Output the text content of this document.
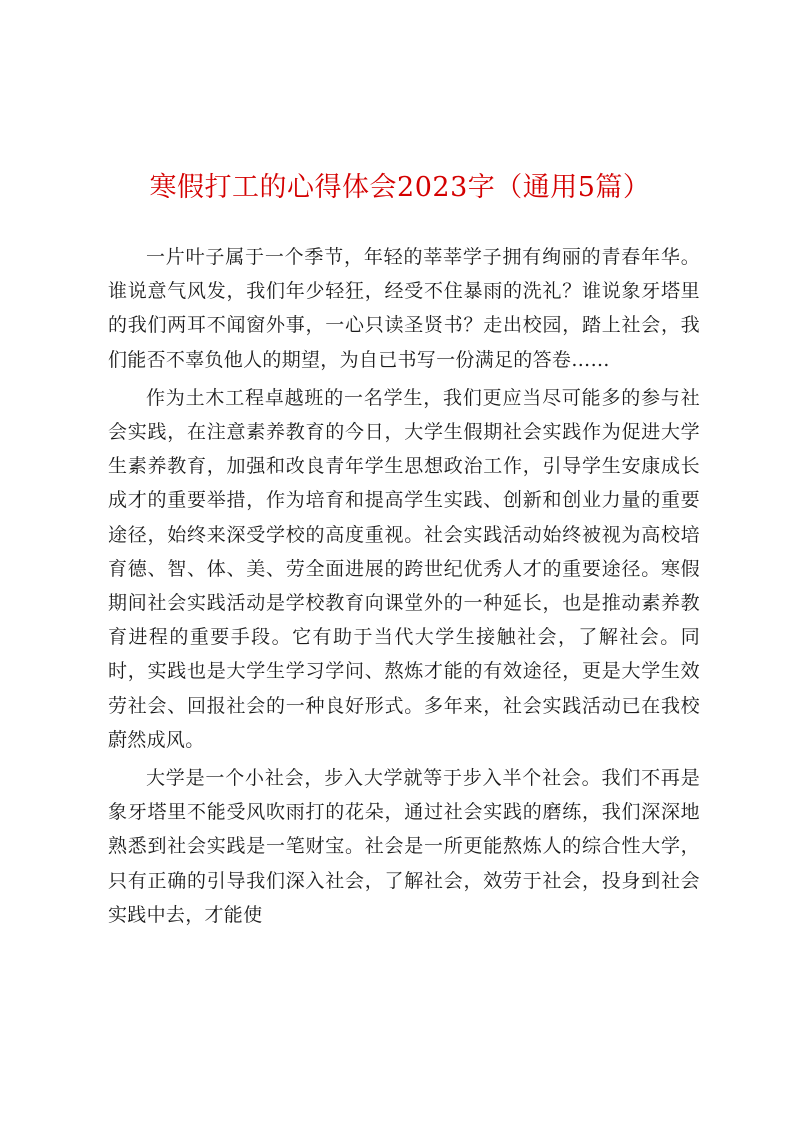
寒假打工的心得体会2023字（通用5篇）

一片叶子属于一个季节，年轻的莘莘学子拥有绚丽的青春年华。谁说意气风发，我们年少轻狂，经受不住暴雨的洗礼？谁说象牙塔里的我们两耳不闻窗外事，一心只读圣贤书？走出校园，踏上社会，我们能否不辜负他人的期望，为自已书写一份满足的答卷……

作为土木工程卓越班的一名学生，我们更应当尽可能多的参与社会实践，在注意素养教育的今日，大学生假期社会实践作为促进大学生素养教育，加强和改良青年学生思想政治工作，引导学生安康成长成才的重要举措，作为培育和提高学生实践、创新和创业力量的重要途径，始终来深受学校的高度重视。社会实践活动始终被视为高校培育德、智、体、美、劳全面进展的跨世纪优秀人才的重要途径。寒假期间社会实践活动是学校教育向课堂外的一种延长，也是推动素养教育进程的重要手段。它有助于当代大学生接触社会，了解社会。同时，实践也是大学生学习学问、熬炼才能的有效途径，更是大学生效劳社会、回报社会的一种良好形式。多年来，社会实践活动已在我校蔚然成风。

大学是一个小社会，步入大学就等于步入半个社会。我们不再是象牙塔里不能受风吹雨打的花朵，通过社会实践的磨练，我们深深地熟悉到社会实践是一笔财宝。社会是一所更能熬炼人的综合性大学，只有正确的引导我们深入社会，了解社会，效劳于社会，投身到社会实践中去，才能使
